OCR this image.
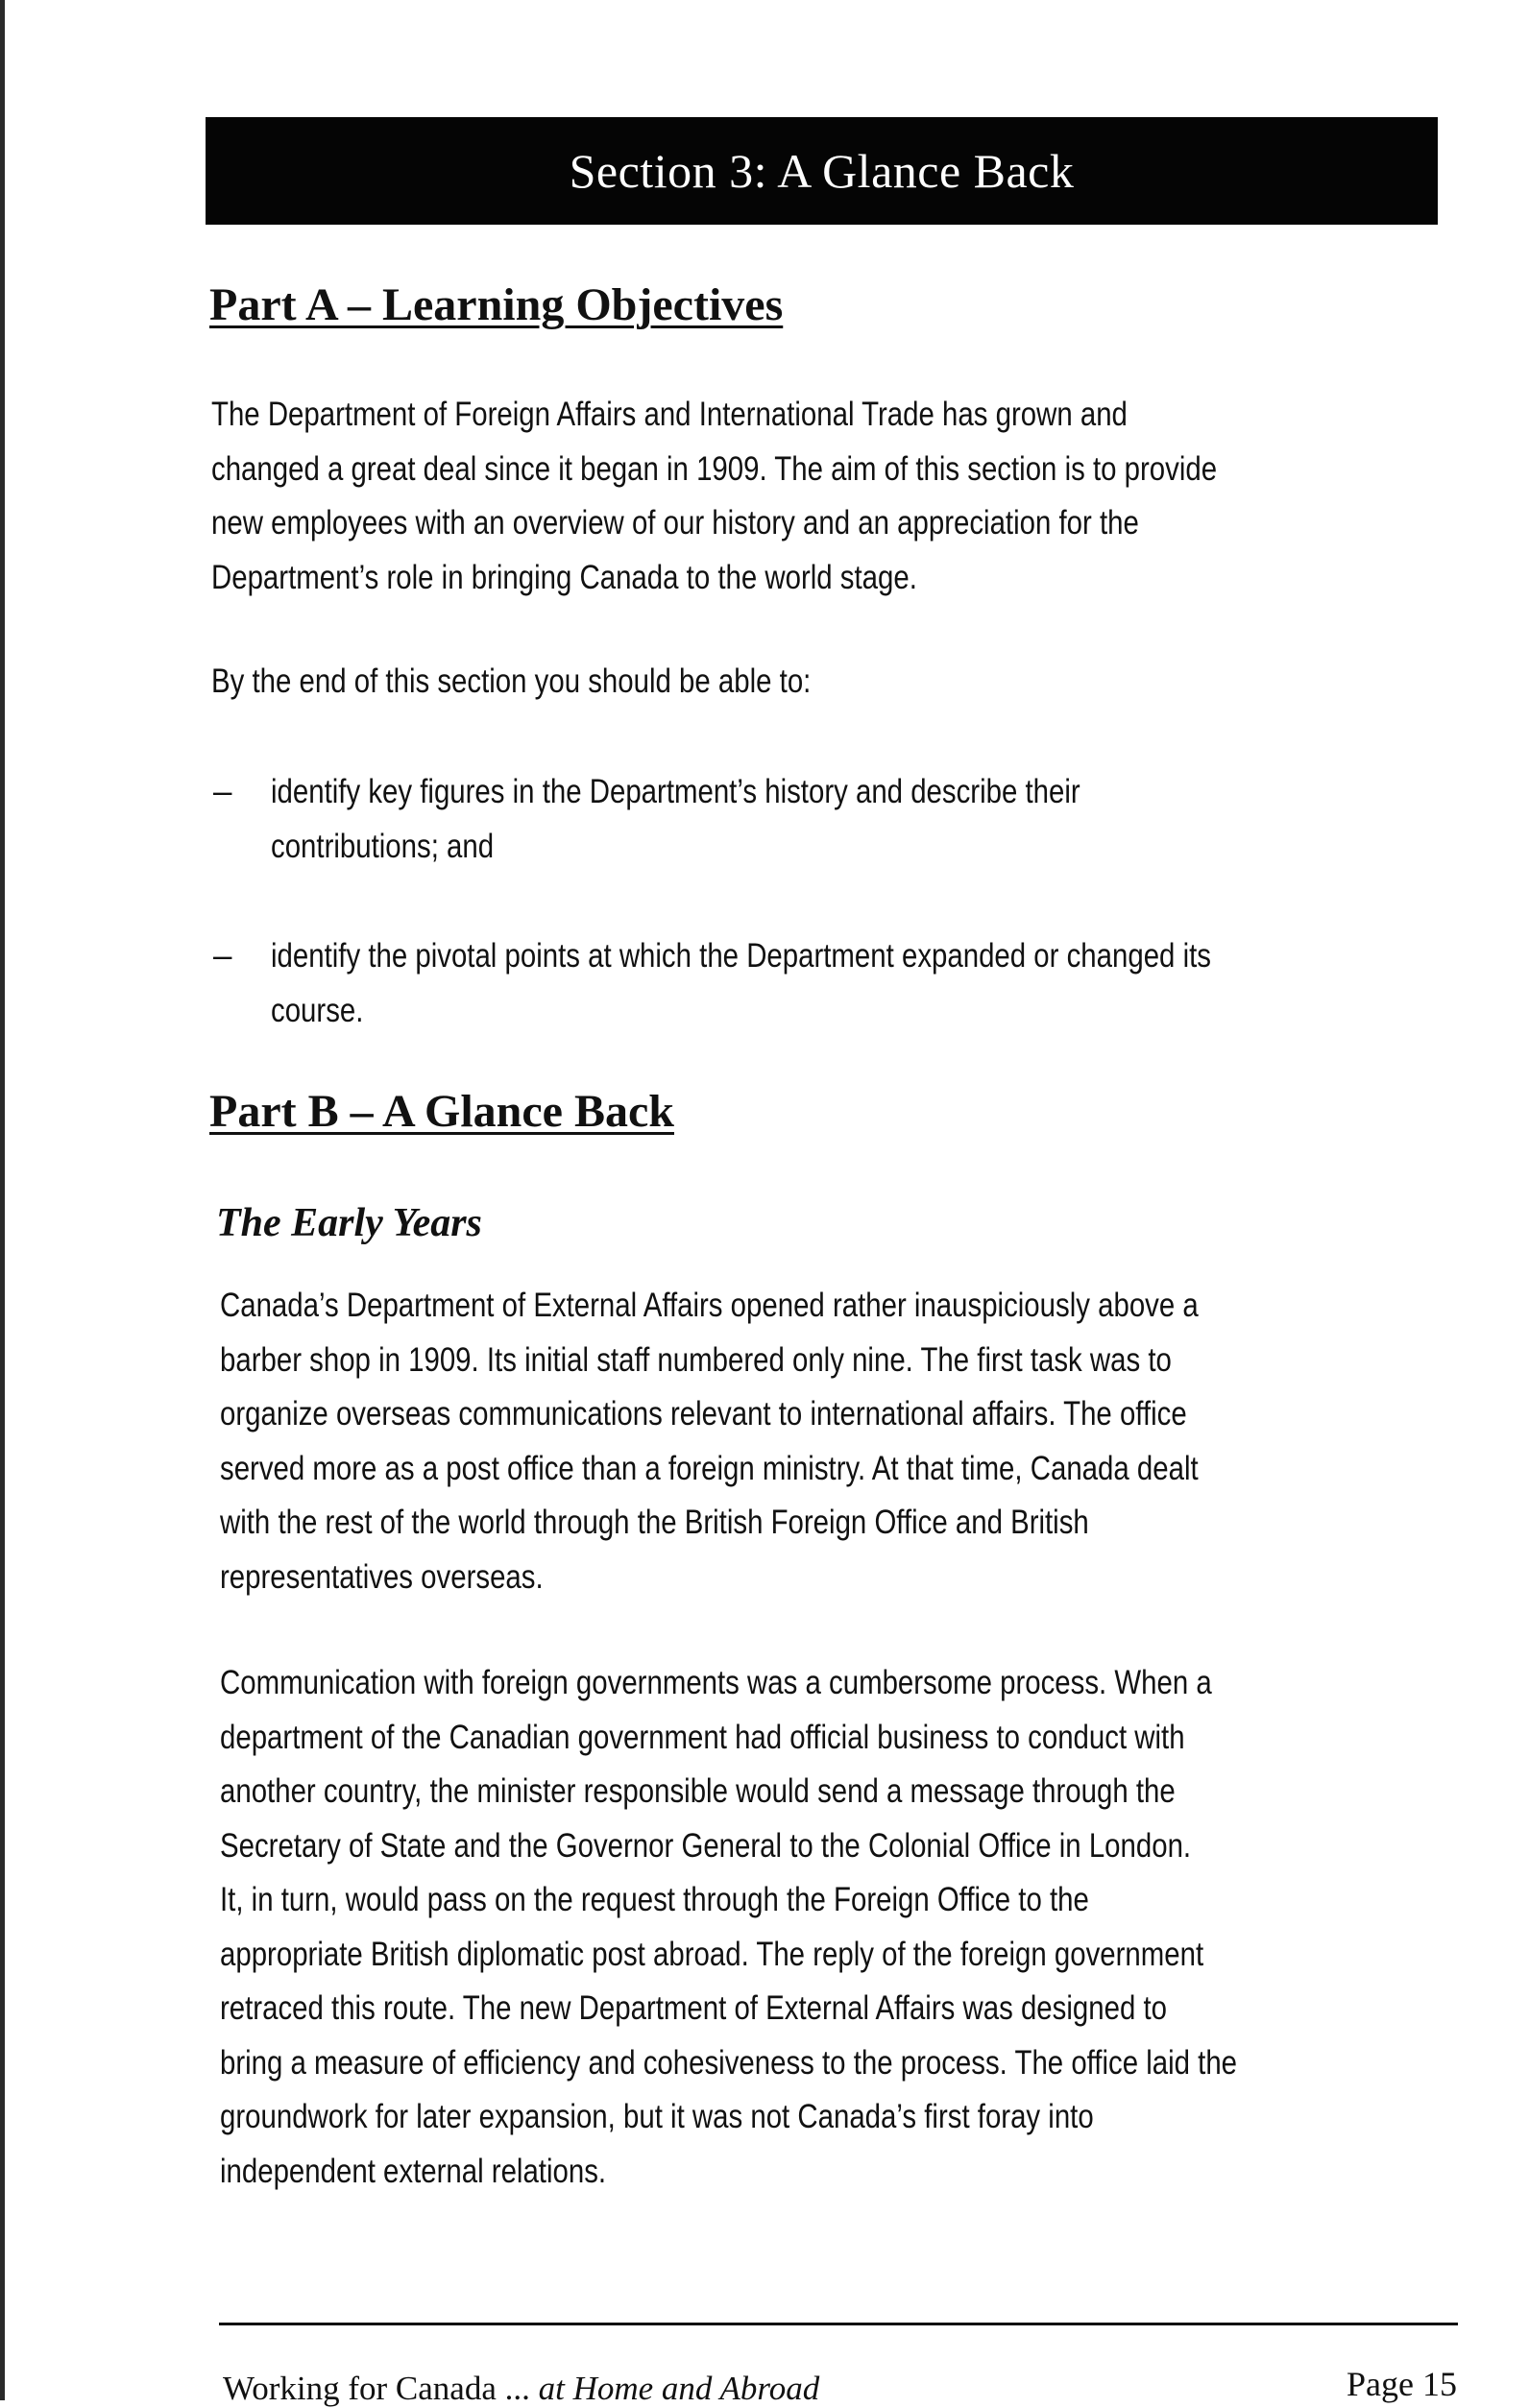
Section 3: A Glance Back
Part A – Learning Objectives
The Department of Foreign Affairs and International Trade has grown and
changed a great deal since it began in 1909. The aim of this section is to provide
new employees with an overview of our history and an appreciation for the
Department’s role in bringing Canada to the world stage.
By the end of this section you should be able to:
– identify key figures in the Department’s history and describe their
contributions; and
– identify the pivotal points at which the Department expanded or changed its
course.
Part B – A Glance Back
The Early Years
Canada’s Department of External Affairs opened rather inauspiciously above a
barber shop in 1909. Its initial staff numbered only nine. The first task was to
organize overseas communications relevant to international affairs. The office
served more as a post office than a foreign ministry. At that time, Canada dealt
with the rest of the world through the British Foreign Office and British
representatives overseas.
Communication with foreign governments was a cumbersome process. When a
department of the Canadian government had official business to conduct with
another country, the minister responsible would send a message through the
Secretary of State and the Governor General to the Colonial Office in London.
It, in turn, would pass on the request through the Foreign Office to the
appropriate British diplomatic post abroad. The reply of the foreign government
retraced this route. The new Department of External Affairs was designed to
bring a measure of efficiency and cohesiveness to the process. The office laid the
groundwork for later expansion, but it was not Canada’s first foray into
independent external relations.
Working for Canada ... at Home and Abroad	Page 15
